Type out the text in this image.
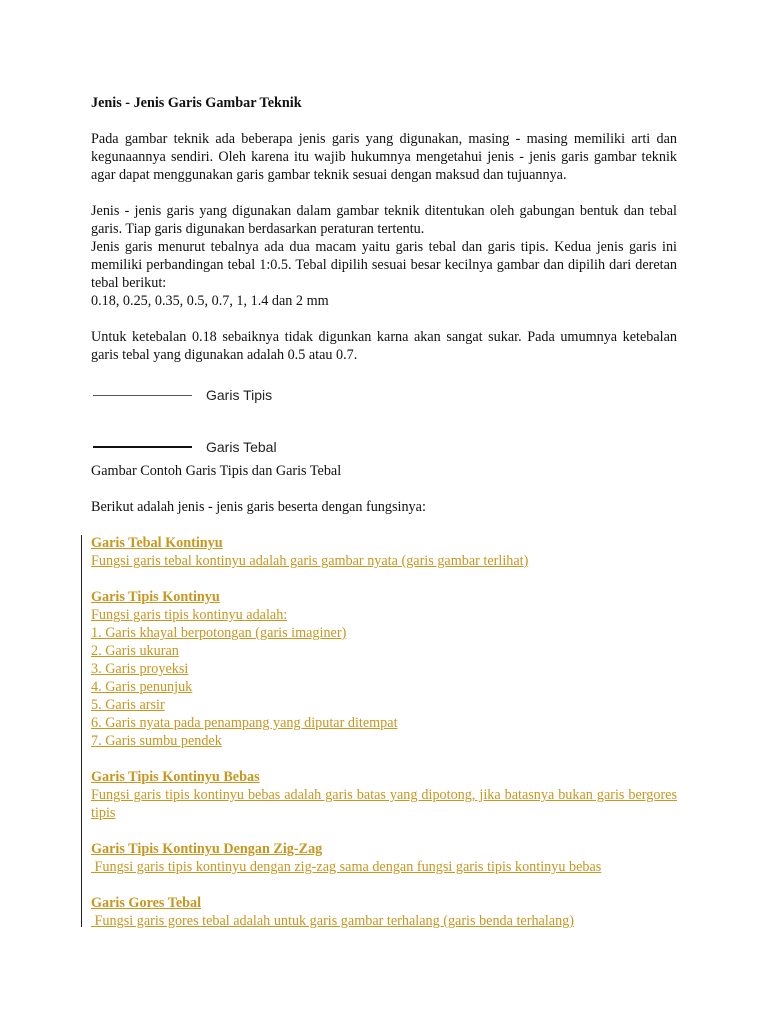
Jenis - Jenis Garis Gambar Teknik

Pada gambar teknik ada beberapa jenis garis yang digunakan, masing - masing memiliki arti dan kegunaannya sendiri. Oleh karena itu wajib hukumnya mengetahui jenis - jenis garis gambar teknik agar dapat menggunakan garis gambar teknik sesuai dengan maksud dan tujuannya.

Jenis - jenis garis yang digunakan dalam gambar teknik ditentukan oleh gabungan bentuk dan tebal garis. Tiap garis digunakan berdasarkan peraturan tertentu.

Jenis garis menurut tebalnya ada dua macam yaitu garis tebal dan garis tipis. Kedua jenis garis ini memiliki perbandingan tebal 1:0.5. Tebal dipilih sesuai besar kecilnya gambar dan dipilih dari deretan tebal berikut:

0.18, 0.25, 0.35, 0.5, 0.7, 1, 1.4 dan 2 mm

Untuk ketebalan 0.18 sebaiknya tidak digunkan karna akan sangat sukar. Pada umumnya ketebalan garis tebal yang digunakan adalah 0.5 atau 0.7.

Garis Tipis
Garis Tebal

Gambar Contoh Garis Tipis dan Garis Tebal

Berikut adalah jenis - jenis garis beserta dengan fungsinya:

Garis Tebal Kontinyu

Fungsi garis tebal kontinyu adalah garis gambar nyata (garis gambar terlihat)

Garis Tipis Kontinyu

Fungsi garis tipis kontinyu adalah:

1. Garis khayal berpotongan (garis imaginer)

2. Garis ukuran

3. Garis proyeksi

4. Garis penunjuk

5. Garis arsir

6. Garis nyata pada penampang yang diputar ditempat

7. Garis sumbu pendek

Garis Tipis Kontinyu Bebas

Fungsi garis tipis kontinyu bebas adalah garis batas yang dipotong, jika batasnya bukan garis bergores tipis

Garis Tipis Kontinyu Dengan Zig-Zag

Fungsi garis tipis kontinyu dengan zig-zag sama dengan fungsi garis tipis kontinyu bebas

Garis Gores Tebal

Fungsi garis gores tebal adalah untuk garis gambar terhalang (garis benda terhalang)
